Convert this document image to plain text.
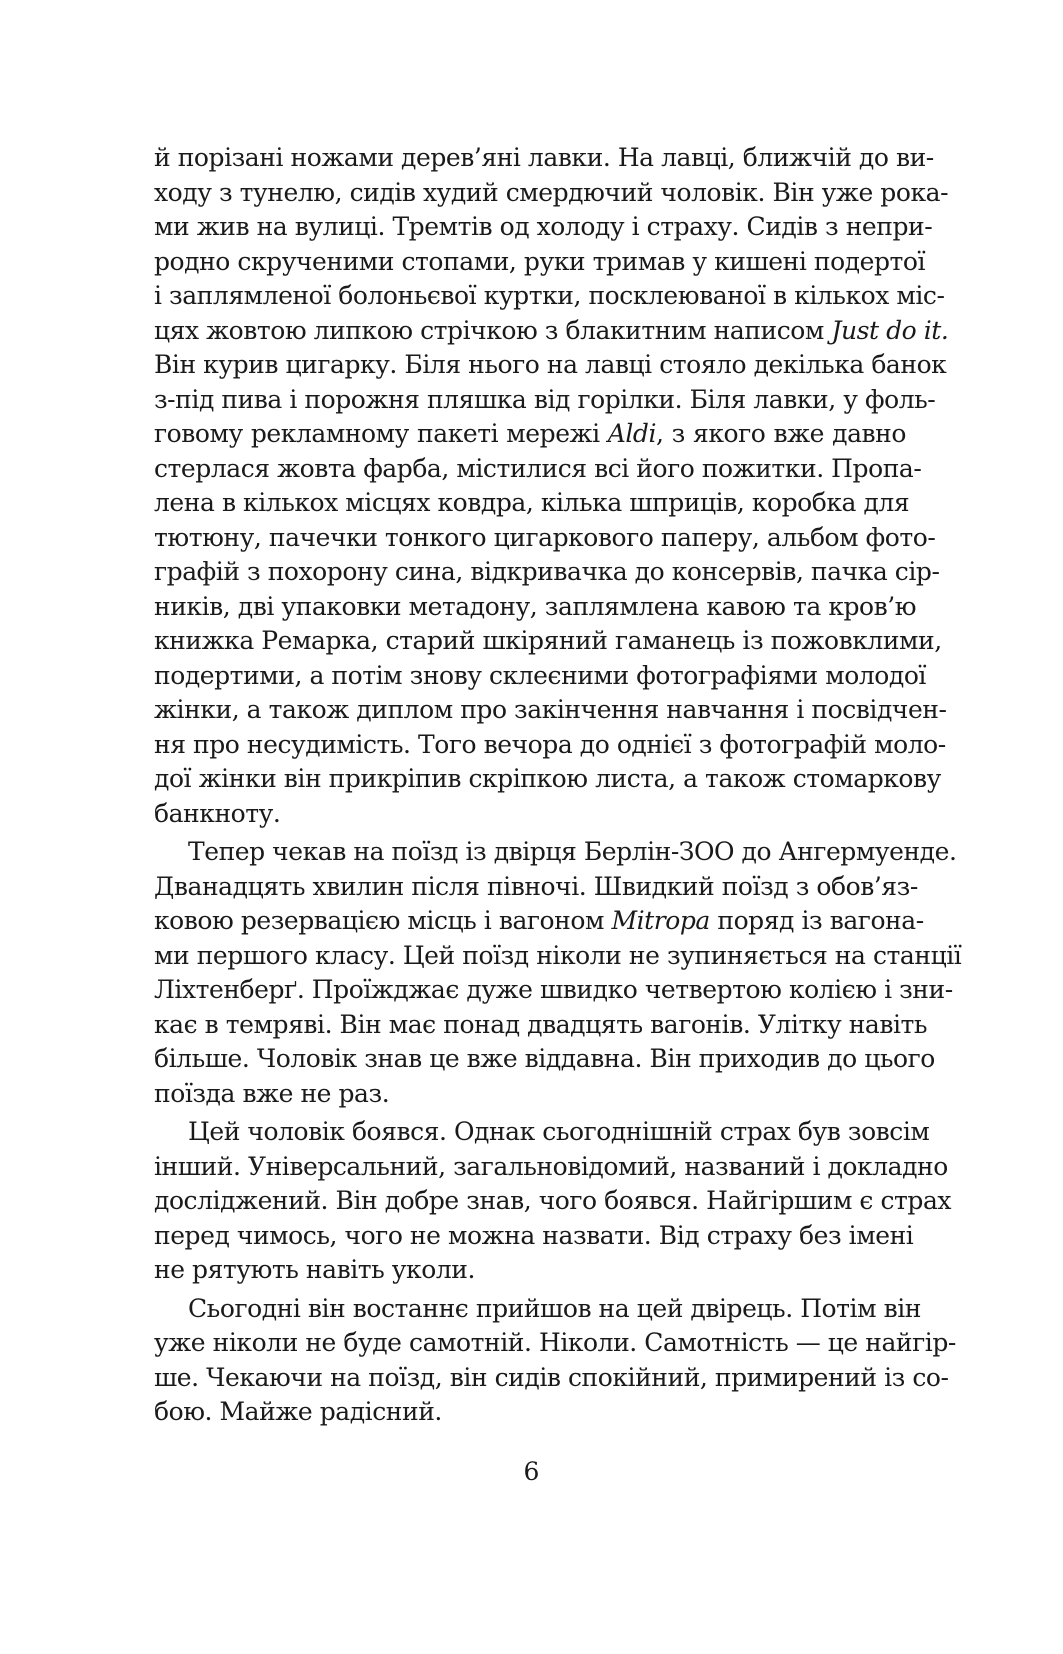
й порізані ножами дерев’яні лавки. На лавці, ближчій до ви-
ходу з тунелю, сидів худий смердючий чоловік. Він уже рока-
ми жив на вулиці. Тремтів од холоду і страху. Сидів з непри-
родно скрученими стопами, руки тримав у кишені подертої
і заплямленої болоньєвої куртки, посклеюваної в кількох міс-
цях жовтою липкою стрічкою з блакитним написом Just do it.
Він курив цигарку. Біля нього на лавці стояло декілька банок
з-під пива і порожня пляшка від горілки. Біля лавки, у фоль-
говому рекламному пакеті мережі Aldi, з якого вже давно
стерлася жовта фарба, містилися всі його пожитки. Пропа-
лена в кількох місцях ковдра, кілька шприців, коробка для
тютюну, пачечки тонкого цигаркового паперу, альбом фото-
графій з похорону сина, відкривачка до консервів, пачка сір-
ників, дві упаковки метадону, заплямлена кавою та кров’ю
книжка Ремарка, старий шкіряний гаманець із пожовклими,
подертими, а потім знову склеєними фотографіями молодої
жінки, а також диплом про закінчення навчання і посвідчен-
ня про несудимість. Того вечора до однієї з фотографій моло-
дої жінки він прикріпив скріпкою листа, а також стомаркову
банкноту.
Тепер чекав на поїзд із двірця Берлін-ЗОО до Ангермуенде.
Дванадцять хвилин після півночі. Швидкий поїзд з обов’яз-
ковою резервацією місць і вагоном Mitropa поряд із вагона-
ми першого класу. Цей поїзд ніколи не зупиняється на станції
Ліхтенберґ. Проїжджає дуже швидко четвертою колією і зни-
кає в темряві. Він має понад двадцять вагонів. Улітку навіть
більше. Чоловік знав це вже віддавна. Він приходив до цього
поїзда вже не раз.
Цей чоловік боявся. Однак сьогоднішній страх був зовсім
інший. Універсальний, загальновідомий, названий і докладно
досліджений. Він добре знав, чого боявся. Найгіршим є страх
перед чимось, чого не можна назвати. Від страху без імені
не рятують навіть уколи.
Сьогодні він востаннє прийшов на цей двірець. Потім він
уже ніколи не буде самотній. Ніколи. Самотність — це найгір-
ше. Чекаючи на поїзд, він сидів спокійний, примирений із со-
бою. Майже радісний.
6
